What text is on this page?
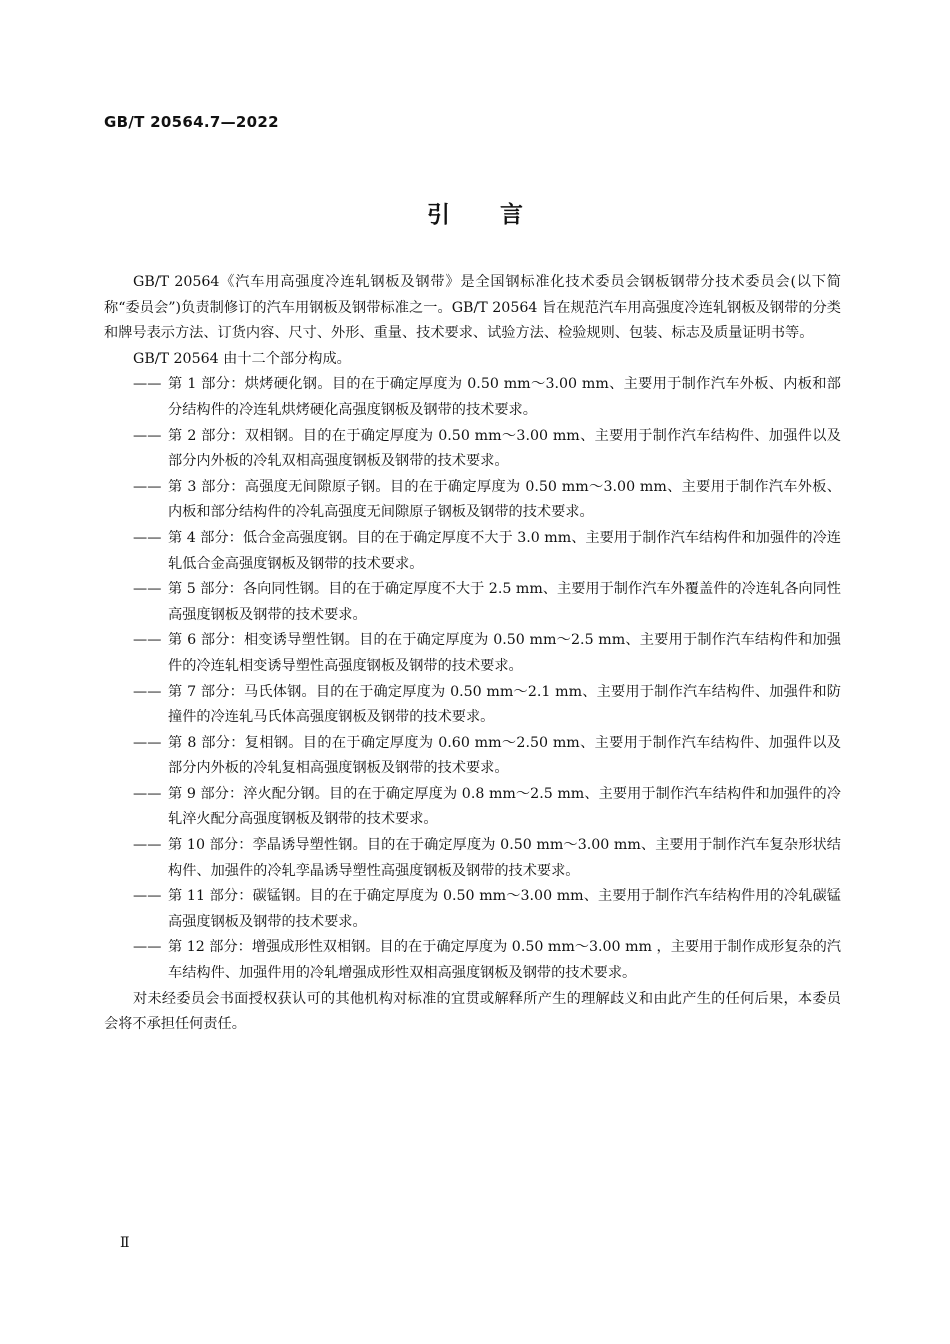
GB/T 20564.7—2022
引言

GB/T 20564《汽车用高强度冷连轧钢板及钢带》是全国钢标准化技术委员会钢板钢带分技术委员会(以下简称“委员会”)负责制修订的汽车用钢板及钢带标准之一。GB/T 20564 旨在规范汽车用高强度冷连轧钢板及钢带的分类和牌号表示方法、订货内容、尺寸、外形、重量、技术要求、试验方法、检验规则、包装、标志及质量证明书等。

GB/T 20564 由十二个部分构成。

—— 第 1 部分：烘烤硬化钢。目的在于确定厚度为 0.50 mm～3.00 mm、主要用于制作汽车外板、内板和部分结构件的冷连轧烘烤硬化高强度钢板及钢带的技术要求。

—— 第 2 部分：双相钢。目的在于确定厚度为 0.50 mm～3.00 mm、主要用于制作汽车结构件、加强件以及部分内外板的冷轧双相高强度钢板及钢带的技术要求。

—— 第 3 部分：高强度无间隙原子钢。目的在于确定厚度为 0.50 mm～3.00 mm、主要用于制作汽车外板、内板和部分结构件的冷轧高强度无间隙原子钢板及钢带的技术要求。

—— 第 4 部分：低合金高强度钢。目的在于确定厚度不大于 3.0 mm、主要用于制作汽车结构件和加强件的冷连轧低合金高强度钢板及钢带的技术要求。

—— 第 5 部分：各向同性钢。目的在于确定厚度不大于 2.5 mm、主要用于制作汽车外覆盖件的冷连轧各向同性高强度钢板及钢带的技术要求。

—— 第 6 部分：相变诱导塑性钢。目的在于确定厚度为 0.50 mm～2.5 mm、主要用于制作汽车结构件和加强件的冷连轧相变诱导塑性高强度钢板及钢带的技术要求。

—— 第 7 部分：马氏体钢。目的在于确定厚度为 0.50 mm～2.1 mm、主要用于制作汽车结构件、加强件和防撞件的冷连轧马氏体高强度钢板及钢带的技术要求。

—— 第 8 部分：复相钢。目的在于确定厚度为 0.60 mm～2.50 mm、主要用于制作汽车结构件、加强件以及部分内外板的冷轧复相高强度钢板及钢带的技术要求。

—— 第 9 部分：淬火配分钢。目的在于确定厚度为 0.8 mm～2.5 mm、主要用于制作汽车结构件和加强件的冷轧淬火配分高强度钢板及钢带的技术要求。

—— 第 10 部分：孪晶诱导塑性钢。目的在于确定厚度为 0.50 mm～3.00 mm、主要用于制作汽车复杂形状结构件、加强件的冷轧孪晶诱导塑性高强度钢板及钢带的技术要求。

—— 第 11 部分：碳锰钢。目的在于确定厚度为 0.50 mm～3.00 mm、主要用于制作汽车结构件用的冷轧碳锰高强度钢板及钢带的技术要求。

—— 第 12 部分：增强成形性双相钢。目的在于确定厚度为 0.50 mm～3.00 mm ，主要用于制作成形复杂的汽车结构件、加强件用的冷轧增强成形性双相高强度钢板及钢带的技术要求。

对未经委员会书面授权获认可的其他机构对标准的宜贯或解释所产生的理解歧义和由此产生的任何后果，本委员会将不承担任何责任。

Ⅱ
